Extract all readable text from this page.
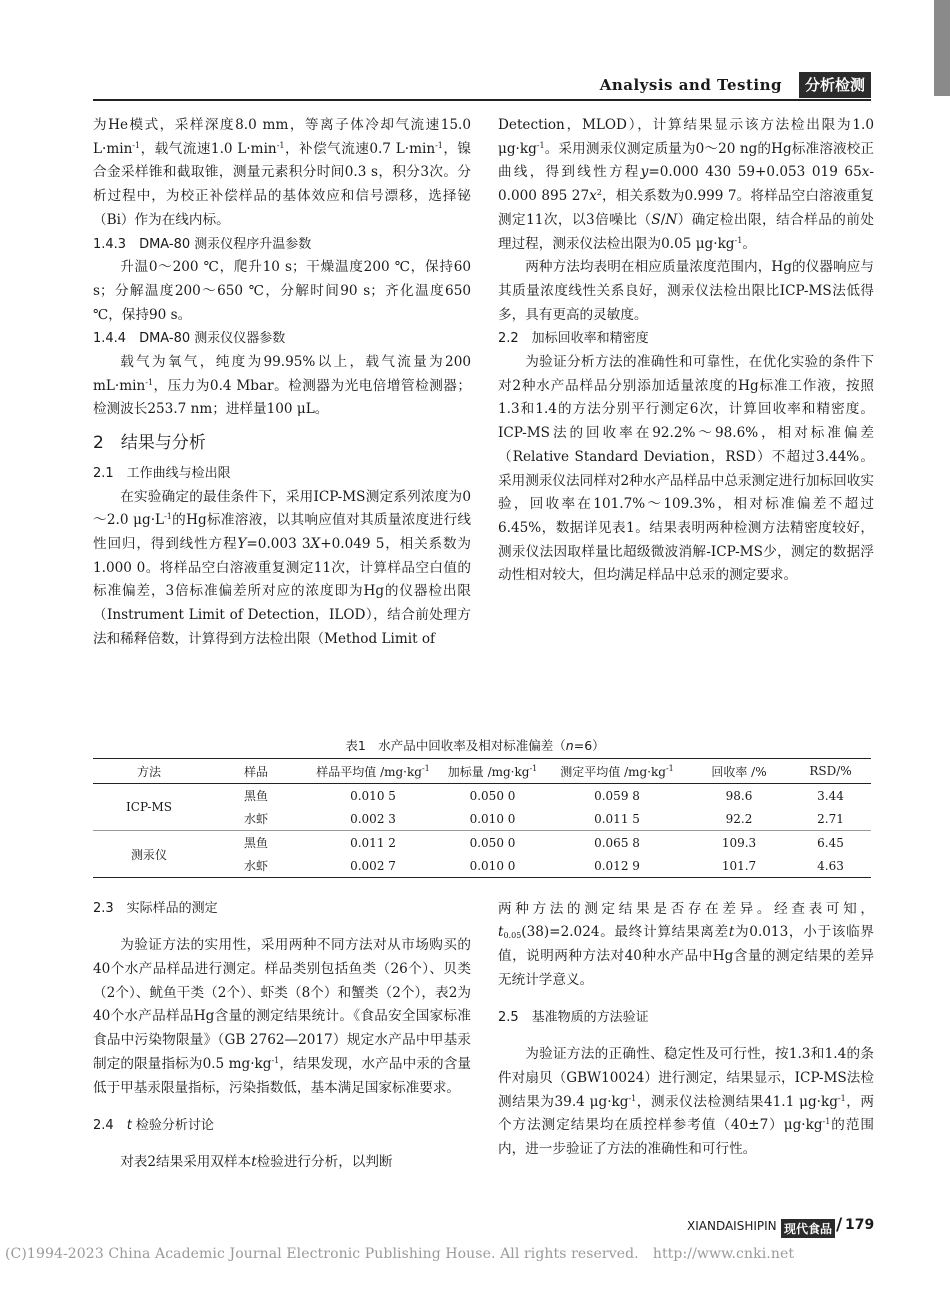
Analysis and Testing	分析检测

为He模式，采样深度8.0 mm，等离子体冷却气流速15.0 $L\cdot\min^{-1}$，载气流速1.0 $L\cdot\min^{-1}$，补偿气流速0.7 $L\cdot\min^{-1}$，镍合金采样锥和截取锥，测量元素积分时间0.3 s，积分3次。分析过程中，为校正补偿样品的基体效应和信号漂移，选择铋（Bi）作为在线内标。

1.4.3　DMA-80 测汞仪程序升温参数

升温0～200 ℃，爬升10 s；干燥温度200 ℃，保持60 s；分解温度200～650 ℃，分解时间90 s；齐化温度650 ℃，保持90 s。

1.4.4　DMA-80 测汞仪仪器参数

载气为氧气，纯度为99.95%以上，载气流量为200 $mL\cdot\min^{-1}$，压力为0.4 Mbar。检测器为光电倍增管检测器；检测波长253.7 nm；进样量100 μL。

2　结果与分析

2.1　工作曲线与检出限

在实验确定的最佳条件下，采用ICP-MS测定系列浓度为0～2.0 $\mu g\cdot L^{-1}$的Hg标准溶液，以其响应值对其质量浓度进行线性回归，得到线性方程Y=0.003 3X+0.049 5，相关系数为1.000 0。将样品空白溶液重复测定11次，计算样品空白值的标准偏差，3倍标准偏差所对应的浓度即为Hg的仪器检出限（Instrument Limit of Detection，ILOD），结合前处理方法和稀释倍数，计算得到方法检出限（Method Limit of

Detection，MLOD），计算结果显示该方法检出限为1.0 $\mu g\cdot kg^{-1}$。采用测汞仪测定质量为0～20 ng的Hg标准溶液校正曲线，得到线性方程y=0.000 430 59+0.053 019 65x-0.000 895 $27x^2$，相关系数为0.999 7。将样品空白溶液重复测定11次，以3倍噪比（S/N）确定检出限，结合样品的前处理过程，测汞仪法检出限为0.05 $\mu g\cdot kg^{-1}$。

两种方法均表明在相应质量浓度范围内，Hg的仪器响应与其质量浓度线性关系良好，测汞仪法检出限比ICP-MS法低得多，具有更高的灵敏度。

2.2　加标回收率和精密度

为验证分析方法的准确性和可靠性，在优化实验的条件下对2种水产品样品分别添加适量浓度的Hg标准工作液，按照1.3和1.4的方法分别平行测定6次，计算回收率和精密度。ICP-MS法的回收率在92.2%～98.6%，相对标准偏差（Relative Standard Deviation，RSD）不超过3.44%。采用测汞仪法同样对2种水产品样品中总汞测定进行加标回收实验，回收率在101.7%～109.3%，相对标准偏差不超过6.45%，数据详见表1。结果表明两种检测方法精密度较好，测汞仪法因取样量比超级微波消解-ICP-MS少，测定的数据浮动性相对较大，但均满足样品中总汞的测定要求。

表1　水产品中回收率及相对标准偏差（n=6）
方法	样品	样品平均值 $/mg\cdot kg^{-1}$	加标量 $/mg\cdot kg^{-1}$	测定平均值 $/mg\cdot kg^{-1}$	回收率 /%	RSD/%
ICP-MS	黑鱼	0.010 5	0.050 0	0.059 8	98.6	3.44
	水虾	0.002 3	0.010 0	0.011 5	92.2	2.71
测汞仪	黑鱼	0.011 2	0.050 0	0.065 8	109.3	6.45
	水虾	0.002 7	0.010 0	0.012 9	101.7	4.63

2.3　实际样品的测定

为验证方法的实用性，采用两种不同方法对从市场购买的40个水产品样品进行测定。样品类别包括鱼类（26个）、贝类（2个）、鱿鱼干类（2个）、虾类（8个）和蟹类（2个），表2为40个水产品样品Hg含量的测定结果统计。《食品安全国家标准 食品中污染物限量》（GB 2762—2017）规定水产品中甲基汞制定的限量指标为0.5 $mg\cdot kg^{-1}$，结果发现，水产品中汞的含量低于甲基汞限量指标，污染指数低，基本满足国家标准要求。

2.4　t 检验分析讨论

对表2结果采用双样本t检验进行分析，以判断

两种方法的测定结果是否存在差异。经查表可知，$t_{0.05}(38)=2.024$。最终计算结果离差t为0.013，小于该临界值，说明两种方法对40种水产品中Hg含量的测定结果的差异无统计学意义。

2.5　基准物质的方法验证

为验证方法的正确性、稳定性及可行性，按1.3和1.4的条件对扇贝（GBW10024）进行测定，结果显示，ICP-MS法检测结果为39.4 $\mu g\cdot kg^{-1}$，测汞仪法检测结果41.1 $\mu g\cdot kg^{-1}$，两个方法测定结果均在质控样参考值$(40\pm 7)\mu g\cdot kg^{-1}$的范围内，进一步验证了方法的准确性和可行性。

XIANDAISHIPIN 现代食品 / 179
(C)1994-2023 China Academic Journal Electronic Publishing House. All rights reserved.　http://www.cnki.net
